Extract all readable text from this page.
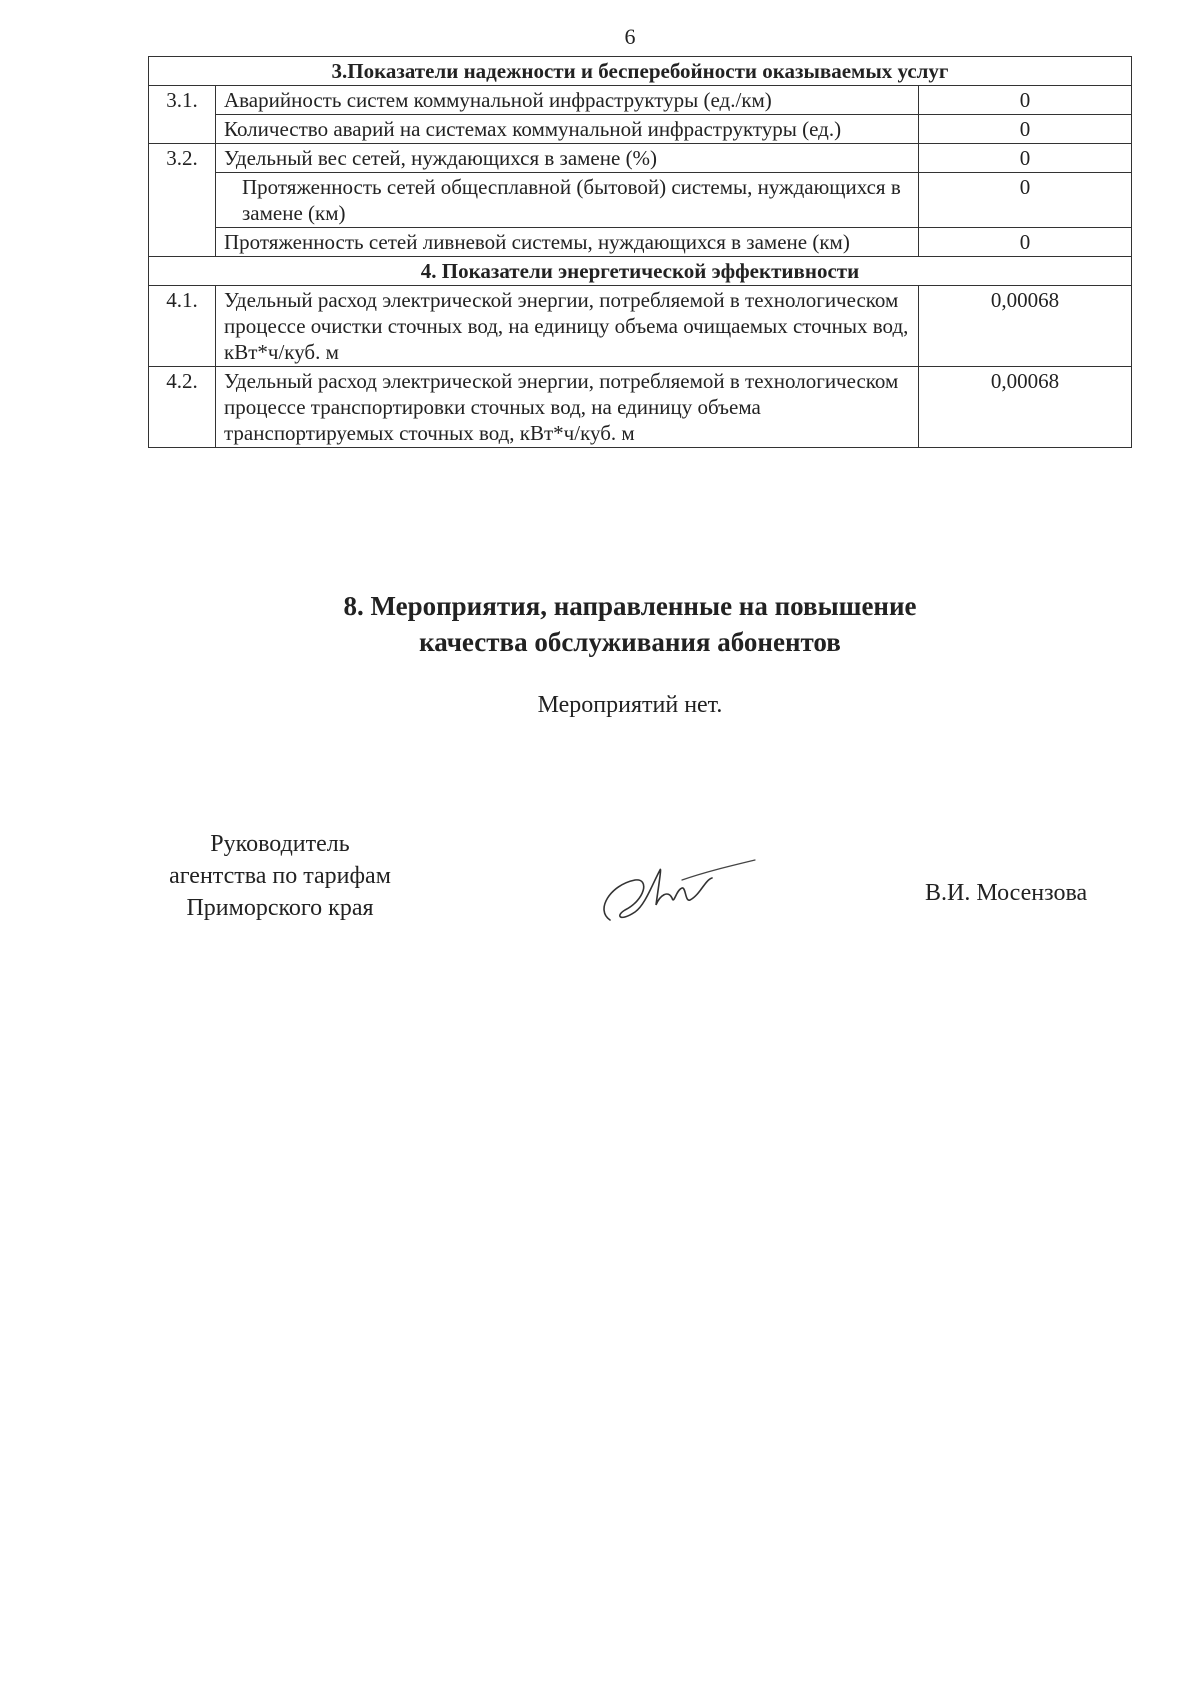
6
3.Показатели надежности и бесперебойности оказываемых услуг		
3.1.	Аварийность систем коммунальной инфраструктуры (ед./км)	0
	Количество аварий на системах коммунальной инфраструктуры (ед.)	0
3.2.	Удельный вес сетей, нуждающихся в замене (%)	0
	Протяженность сетей общесплавной (бытовой) системы, нуждающихся в замене (км)	0
	Протяженность сетей ливневой системы, нуждающихся в замене (км)	0
4. Показатели энергетической эффективности		
4.1.	Удельный расход электрической энергии, потребляемой в технологическом процессе очистки сточных вод, на единицу объема очищаемых сточных вод, кВт*ч/куб. м	0,00068
4.2.	Удельный расход электрической энергии, потребляемой в технологическом процессе транспортировки сточных вод, на единицу объема транспортируемых сточных вод, кВт*ч/куб. м	0,00068
8. Мероприятия, направленные на повышение
качества обслуживания абонентов
Мероприятий нет.
Руководитель
агентства по тарифам
Приморского края
В.И. Мосензова
